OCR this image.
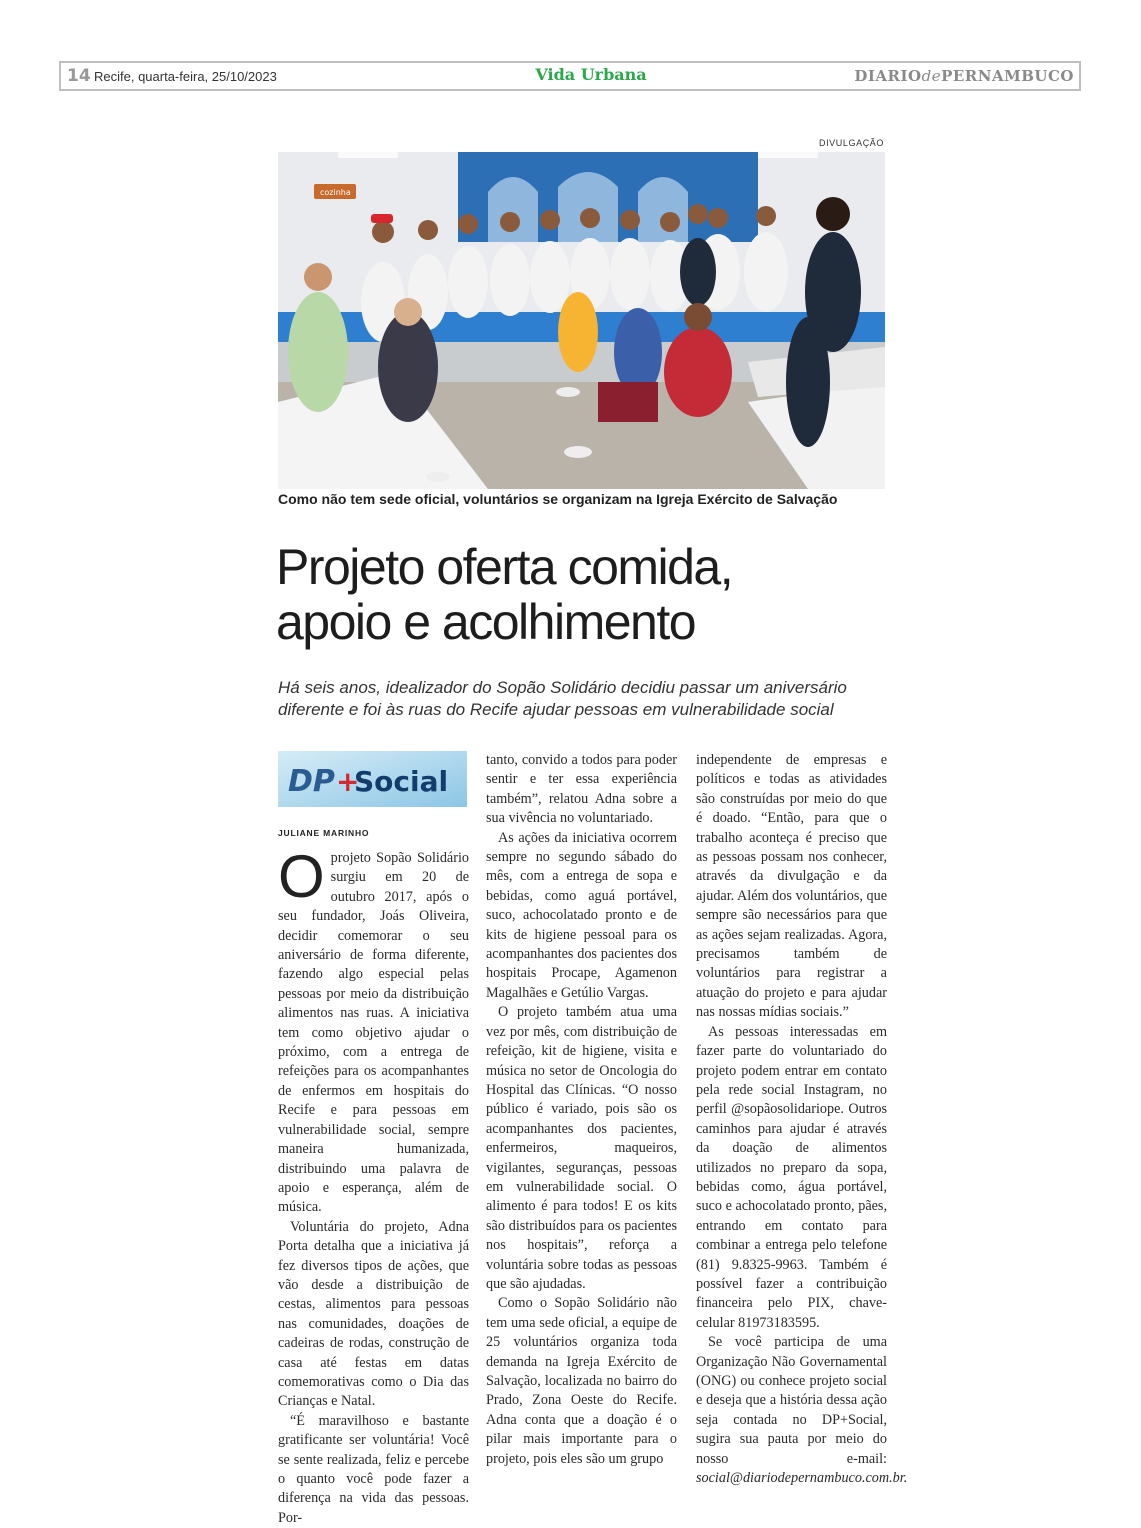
14 Recife, quarta-feira, 25/10/2023	Vida Urbana	DIARIOdePERNAMBUCO
DIVULGAÇÃO
cozinha
Como não tem sede oficial, voluntários se organizam na Igreja Exército de Salvação
Projeto oferta comida,
apoio e acolhimento
Há seis anos, idealizador do Sopão Solidário decidiu passar um aniversário diferente e foi às ruas do Recife ajudar pessoas em vulnerabilidade social
DP +
Social
JULIANE MARINHO

Oprojeto Sopão Solidário surgiu em 20 de outubro 2017, após o seu fundador, Joás Oliveira, decidir comemorar o seu aniversário de forma diferente, fazendo algo especial pelas pessoas por meio da distribuição alimentos nas ruas. A iniciativa tem como objetivo ajudar o próximo, com a entrega de refeições para os acompanhantes de enfermos em hospitais do Recife e para pessoas em vulnerabilidade social, sempre maneira humanizada, distribuindo uma palavra de apoio e esperança, além de música.

Voluntária do projeto, Adna Porta detalha que a iniciativa já fez diversos tipos de ações, que vão desde a distribuição de cestas, alimentos para pessoas nas comunidades, doações de cadeiras de rodas, construção de casa até festas em datas comemorativas como o Dia das Crianças e Natal.

“É maravilhoso e bastante gratificante ser voluntária! Você se sente realizada, feliz e percebe o quanto você pode fazer a diferença na vida das pessoas. Por-

tanto, convido a todos para poder sentir e ter essa experiência também”, relatou Adna sobre a sua vivência no voluntariado.

As ações da iniciativa ocorrem sempre no segundo sábado do mês, com a entrega de sopa e bebidas, como aguá portável, suco, achocolatado pronto e de kits de higiene pessoal para os acompanhantes dos pacientes dos hospitais Procape, Agamenon Magalhães e Getúlio Vargas.

O projeto também atua uma vez por mês, com distribuição de refeição, kit de higiene, visita e música no setor de Oncologia do Hospital das Clínicas. “O nosso público é variado, pois são os acompanhantes dos pacientes, enfermeiros, maqueiros, vigilantes, seguranças, pessoas em vulnerabilidade social. O alimento é para todos! E os kits são distribuídos para os pacientes nos hospitais”, reforça a voluntária sobre todas as pessoas que são ajudadas.

Como o Sopão Solidário não tem uma sede oficial, a equipe de 25 voluntários organiza toda demanda na Igreja Exército de Salvação, localizada no bairro do Prado, Zona Oeste do Recife. Adna conta que a doação é o pilar mais importante para o projeto, pois eles são um grupo

independente de empresas e políticos e todas as atividades são construídas por meio do que é doado. “Então, para que o trabalho aconteça é preciso que as pessoas possam nos conhecer, através da divulgação e da ajudar. Além dos voluntários, que sempre são necessários para que as ações sejam realizadas. Agora, precisamos também de voluntários para registrar a atuação do projeto e para ajudar nas nossas mídias sociais.”

As pessoas interessadas em fazer parte do voluntariado do projeto podem entrar em contato pela rede social Instagram, no perfil @sopãosolidariope. Outros caminhos para ajudar é através da doação de alimentos utilizados no preparo da sopa, bebidas como, água portável, suco e achocolatado pronto, pães, entrando em contato para combinar a entrega pelo telefone (81) 9.8325-9963. Também é possível fazer a contribuição financeira pelo PIX, chave-celular 81973183595.

Se você participa de uma Organização Não Governamental (ONG) ou conhece projeto social e deseja que a história dessa ação seja contada no DP+Social, sugira sua pauta por meio do nosso e-mail: social@diariodepernambuco.com.br.
